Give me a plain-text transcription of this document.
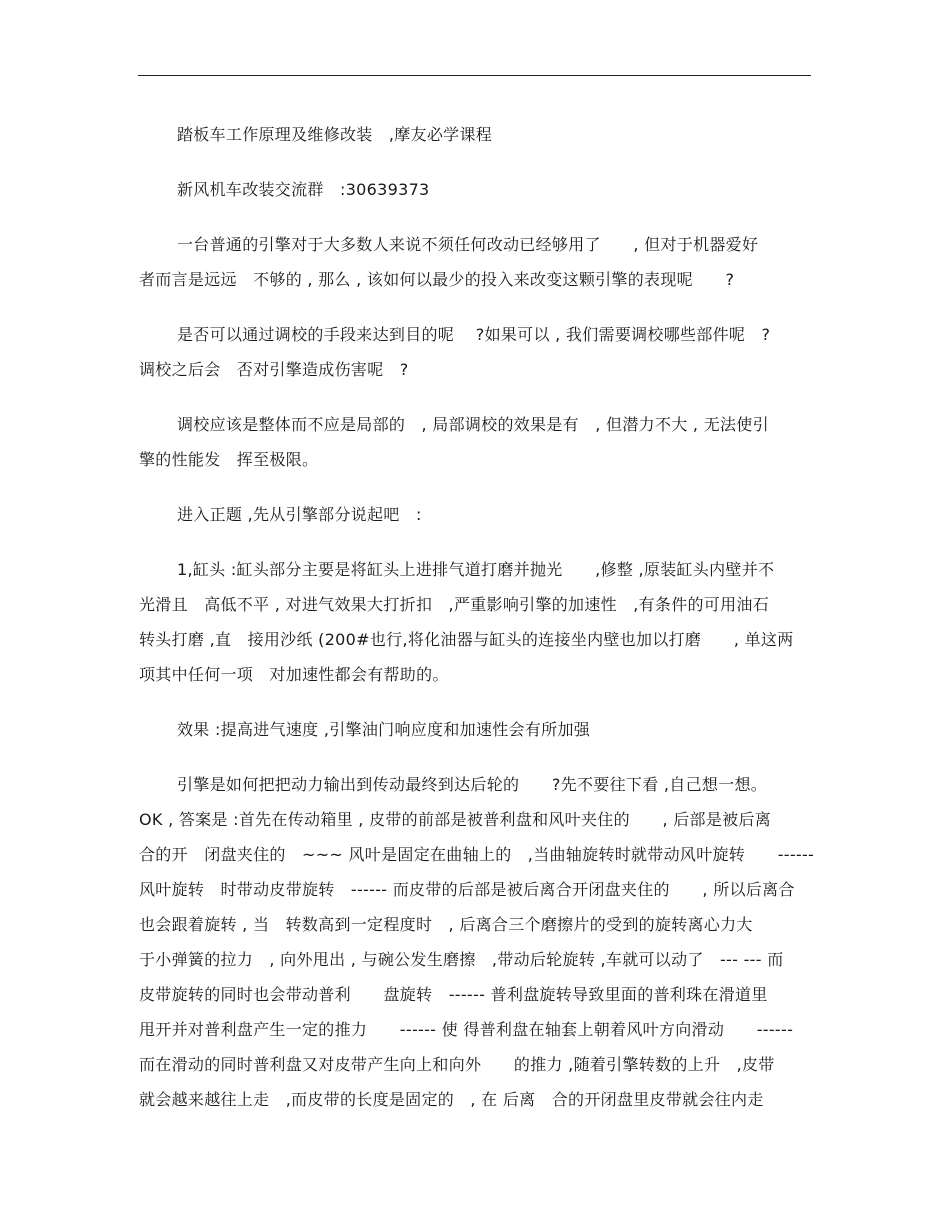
踏板车工作原理及维修改装　,摩友必学课程

新风机车改装交流群　:30639373

一台普通的引擎对于大多数人来说不须任何改动已经够用了　　, 但对于机器爱好
者而言是远远　不够的 , 那么 , 该如何以最少的投入来改变这颗引擎的表现呢　　?

是否可以通过调校的手段来达到目的呢　 ?如果可以 , 我们需要调校哪些部件呢　?
调校之后会　否对引擎造成伤害呢　?

调校应该是整体而不应是局部的　, 局部调校的效果是有　, 但潜力不大 , 无法使引
擎的性能发　挥至极限。

进入正题 ,先从引擎部分说起吧　:

1,缸头 :缸头部分主要是将缸头上进排气道打磨并抛光　　,修整 ,原装缸头内壁并不
光滑且　高低不平 , 对进气效果大打折扣　,严重影响引擎的加速性　,有条件的可用油石
转头打磨 ,直　接用沙纸 (200#也行,将化油器与缸头的连接坐内壁也加以打磨　　, 单这两
项其中任何一项　对加速性都会有帮助的。

效果 :提高进气速度 ,引擎油门响应度和加速性会有所加强

引擎是如何把把动力输出到传动最终到达后轮的　　?先不要往下看 ,自己想一想。
OK , 答案是 :首先在传动箱里 , 皮带的前部是被普利盘和风叶夹住的　　, 后部是被后离
合的开　闭盘夹住的　~~~ 风叶是固定在曲轴上的　,当曲轴旋转时就带动风叶旋转　　------
风叶旋转　时带动皮带旋转　------ 而皮带的后部是被后离合开闭盘夹住的　　, 所以后离合
也会跟着旋转 , 当　转数高到一定程度时　, 后离合三个磨擦片的受到的旋转离心力大
于小弹簧的拉力　, 向外甩出 , 与碗公发生磨擦　,带动后轮旋转 ,车就可以动了　--- --- 而
皮带旋转的同时也会带动普利　　盘旋转　------ 普利盘旋转导致里面的普利珠在滑道里
甩开并对普利盘产生一定的推力　　------ 使 得普利盘在轴套上朝着风叶方向滑动　　------
而在滑动的同时普利盘又对皮带产生向上和向外　　的推力 ,随着引擎转数的上升　,皮带
就会越来越往上走　,而皮带的长度是固定的　, 在 后离　合的开闭盘里皮带就会往内走
